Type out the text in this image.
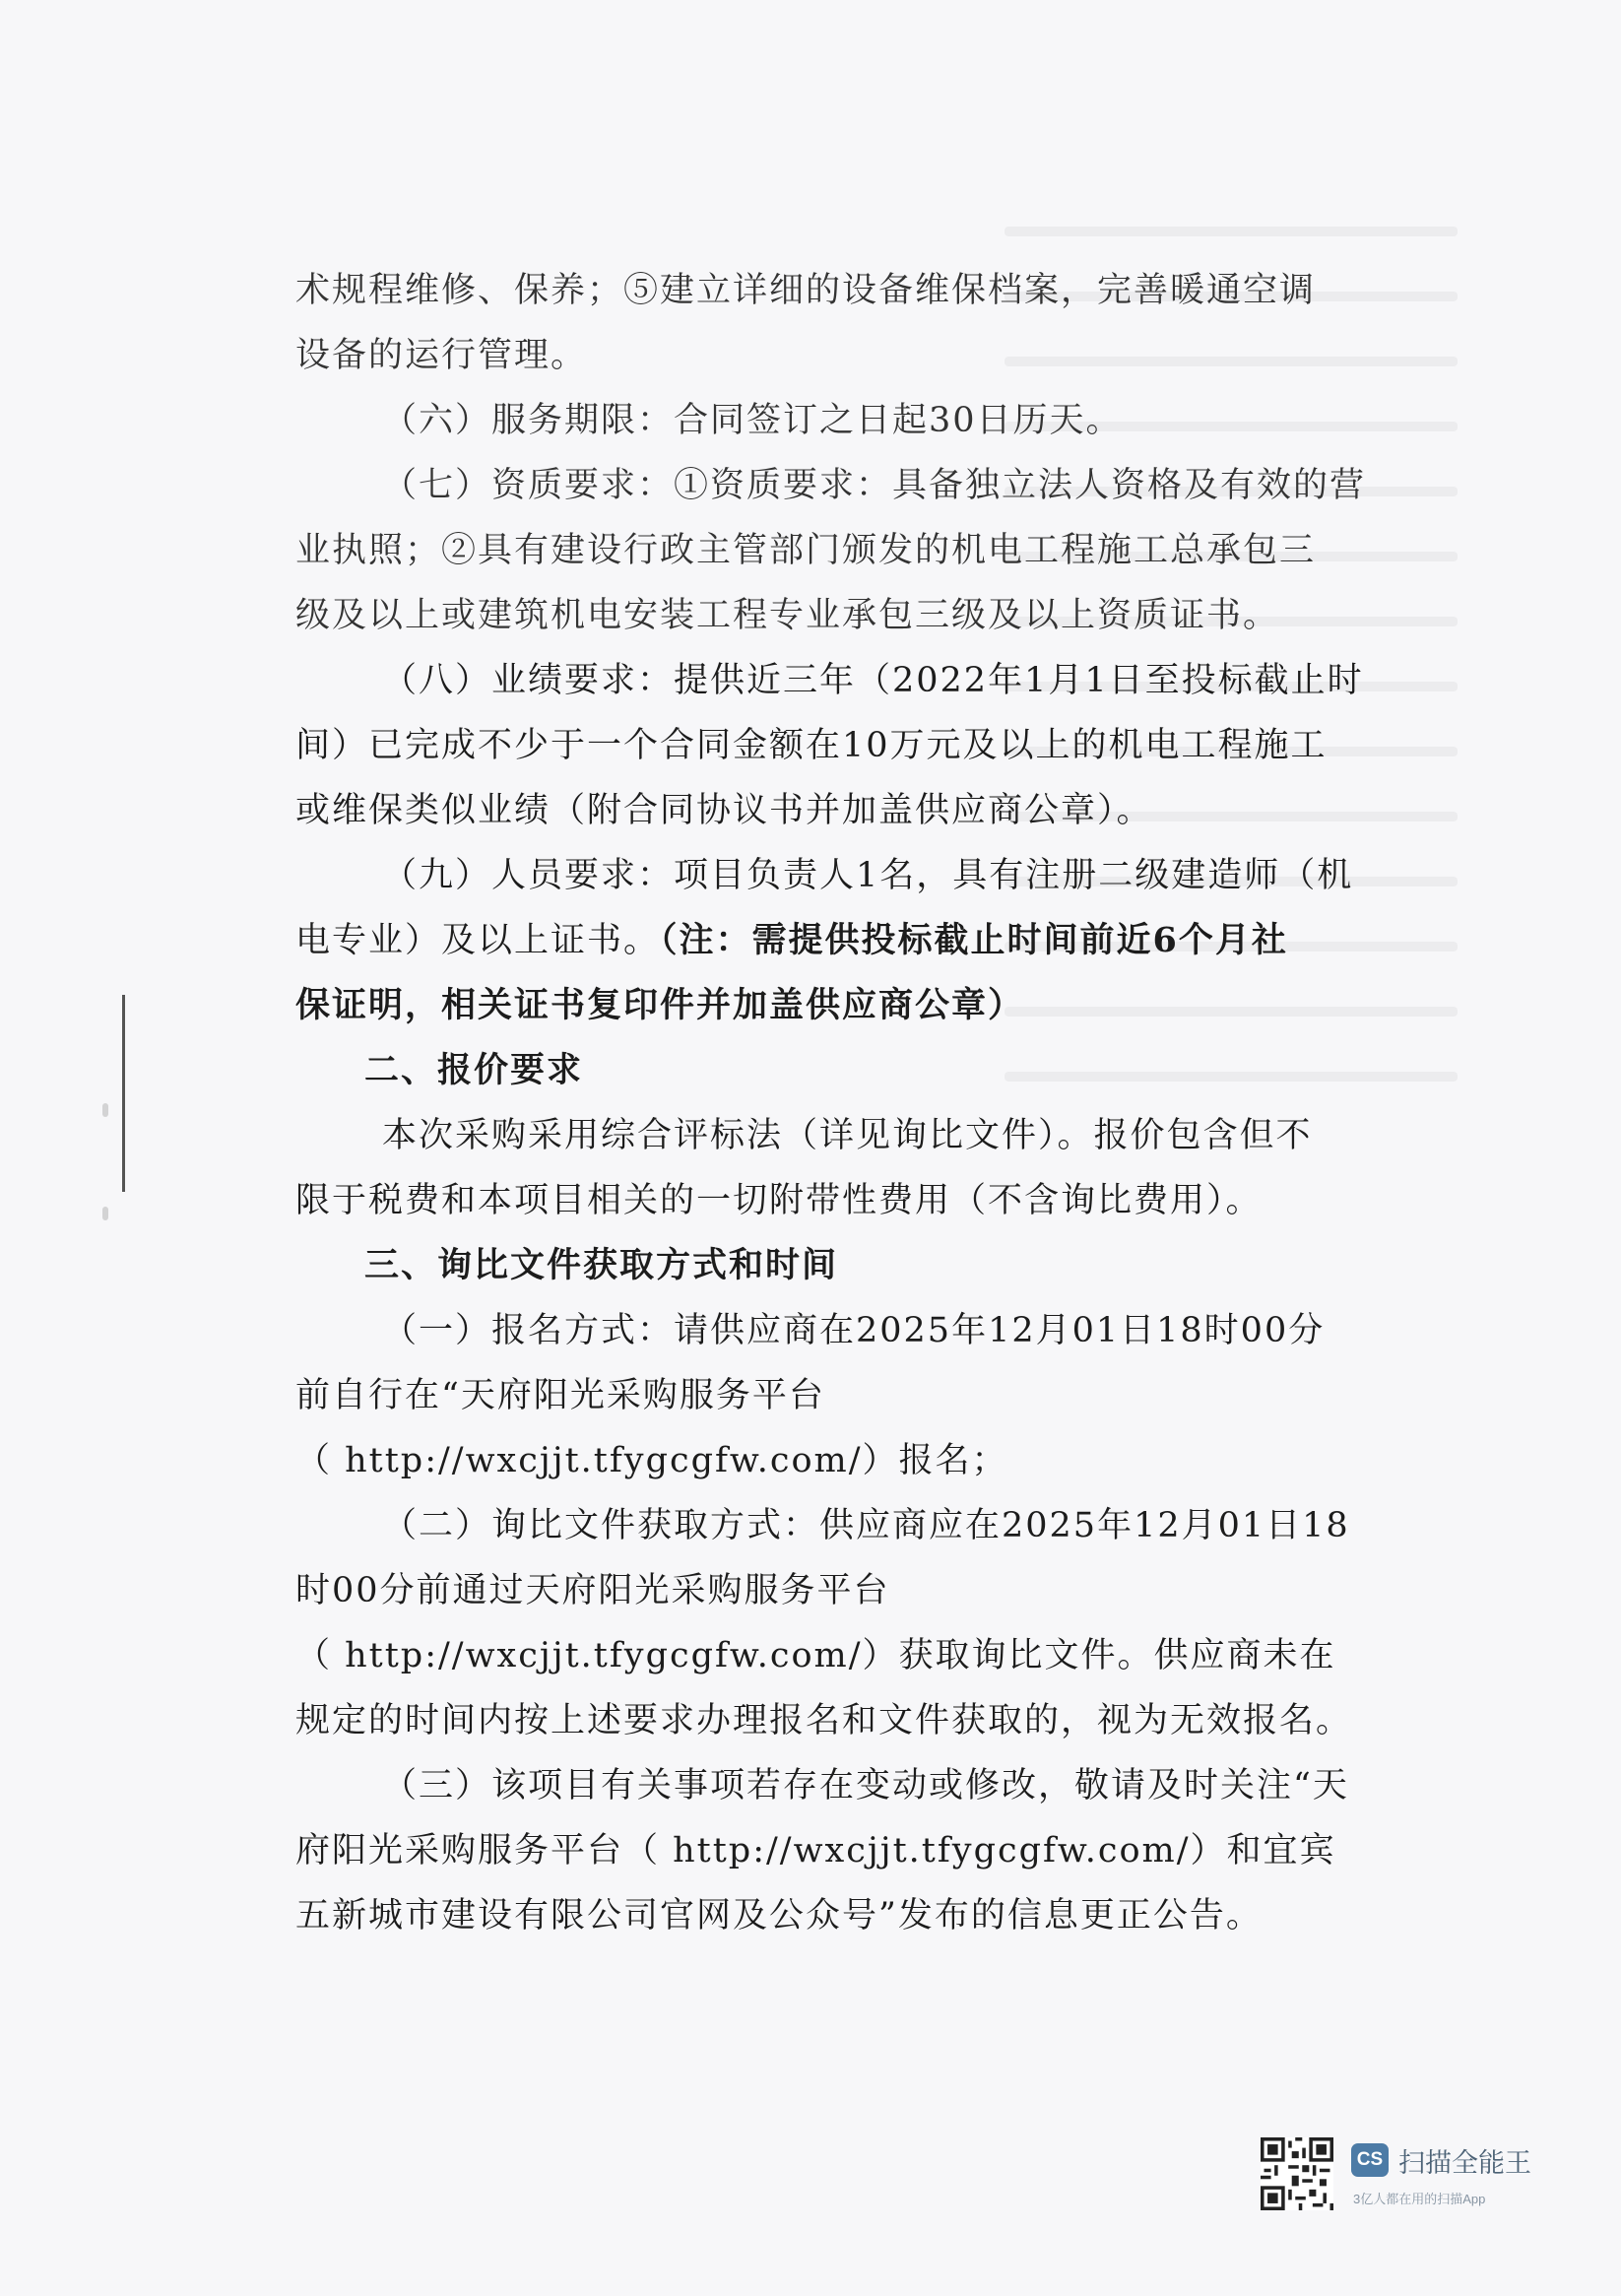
术规程维修、保养；⑤建立详细的设备维保档案，完善暖通空调
设备的运行管理。
（六）服务期限：合同签订之日起30日历天。
（七）资质要求：①资质要求：具备独立法人资格及有效的营
业执照；②具有建设行政主管部门颁发的机电工程施工总承包三
级及以上或建筑机电安装工程专业承包三级及以上资质证书。
（八）业绩要求：提供近三年（2022年1月1日至投标截止时
间）已完成不少于一个合同金额在10万元及以上的机电工程施工
或维保类似业绩（附合同协议书并加盖供应商公章）。
（九）人员要求：项目负责人1名，具有注册二级建造师（机
电专业）及以上证书。（注：需提供投标截止时间前近6个月社
保证明，相关证书复印件并加盖供应商公章）
二、报价要求
本次采购采用综合评标法（详见询比文件）。报价包含但不
限于税费和本项目相关的一切附带性费用（不含询比费用）。
三、询比文件获取方式和时间
（一）报名方式：请供应商在2025年12月01日18时00分
前自行在“天府阳光采购服务平台
（ http://wxcjjt.tfygcgfw.com/）报名；
（二）询比文件获取方式：供应商应在2025年12月01日18
时00分前通过天府阳光采购服务平台
（ http://wxcjjt.tfygcgfw.com/）获取询比文件。供应商未在
规定的时间内按上述要求办理报名和文件获取的，视为无效报名。
（三）该项目有关事项若存在变动或修改，敬请及时关注“天
府阳光采购服务平台（ http://wxcjjt.tfygcgfw.com/）和宜宾
五新城市建设有限公司官网及公众号”发布的信息更正公告。
CS 扫描全能王
3亿人都在用的扫描App
